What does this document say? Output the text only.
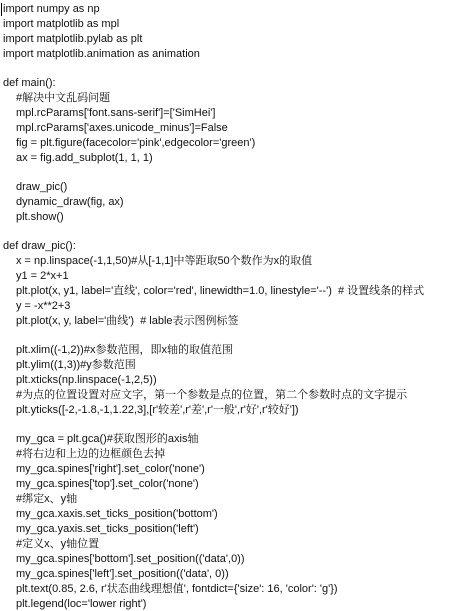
import numpy as np
import matplotlib as mpl
import matplotlib.pylab as plt
import matplotlib.animation as animation
def main():
#解决中文乱码问题
mpl.rcParams['font.sans-serif']=['SimHei']
mpl.rcParams['axes.unicode_minus']=False
fig = plt.figure(facecolor='pink',edgecolor='green')
ax = fig.add_subplot(1, 1, 1)
draw_pic()
dynamic_draw(fig, ax)
plt.show()
def draw_pic():
x = np.linspace(-1,1,50)#从[-1,1]中等距取50个数作为x的取值
y1 = 2*x+1
plt.plot(x, y1, label='直线', color='red', linewidth=1.0, linestyle='--')  # 设置线条的样式
y = -x**2+3
plt.plot(x, y, label='曲线')  # lable表示图例标签
plt.xlim((-1,2))#x参数范围，即x轴的取值范围
plt.ylim((1,3))#y参数范围
plt.xticks(np.linspace(-1,2,5))
#为点的位置设置对应文字，第一个参数是点的位置，第二个参数时点的文字提示
plt.yticks([-2,-1.8,-1,1.22,3],[r'较差',r'差',r'一般',r'好',r'较好'])
my_gca = plt.gca()#获取图形的axis轴
#将右边和上边的边框颜色去掉
my_gca.spines['right'].set_color('none')
my_gca.spines['top'].set_color('none')
#绑定x、y轴
my_gca.xaxis.set_ticks_position('bottom')
my_gca.yaxis.set_ticks_position('left')
#定义x、y轴位置
my_gca.spines['bottom'].set_position(('data',0))
my_gca.spines['left'].set_position(('data', 0))
plt.text(0.85, 2.6, r'状态曲线理想值', fontdict={'size': 16, 'color': 'g'})
plt.legend(loc='lower right')
